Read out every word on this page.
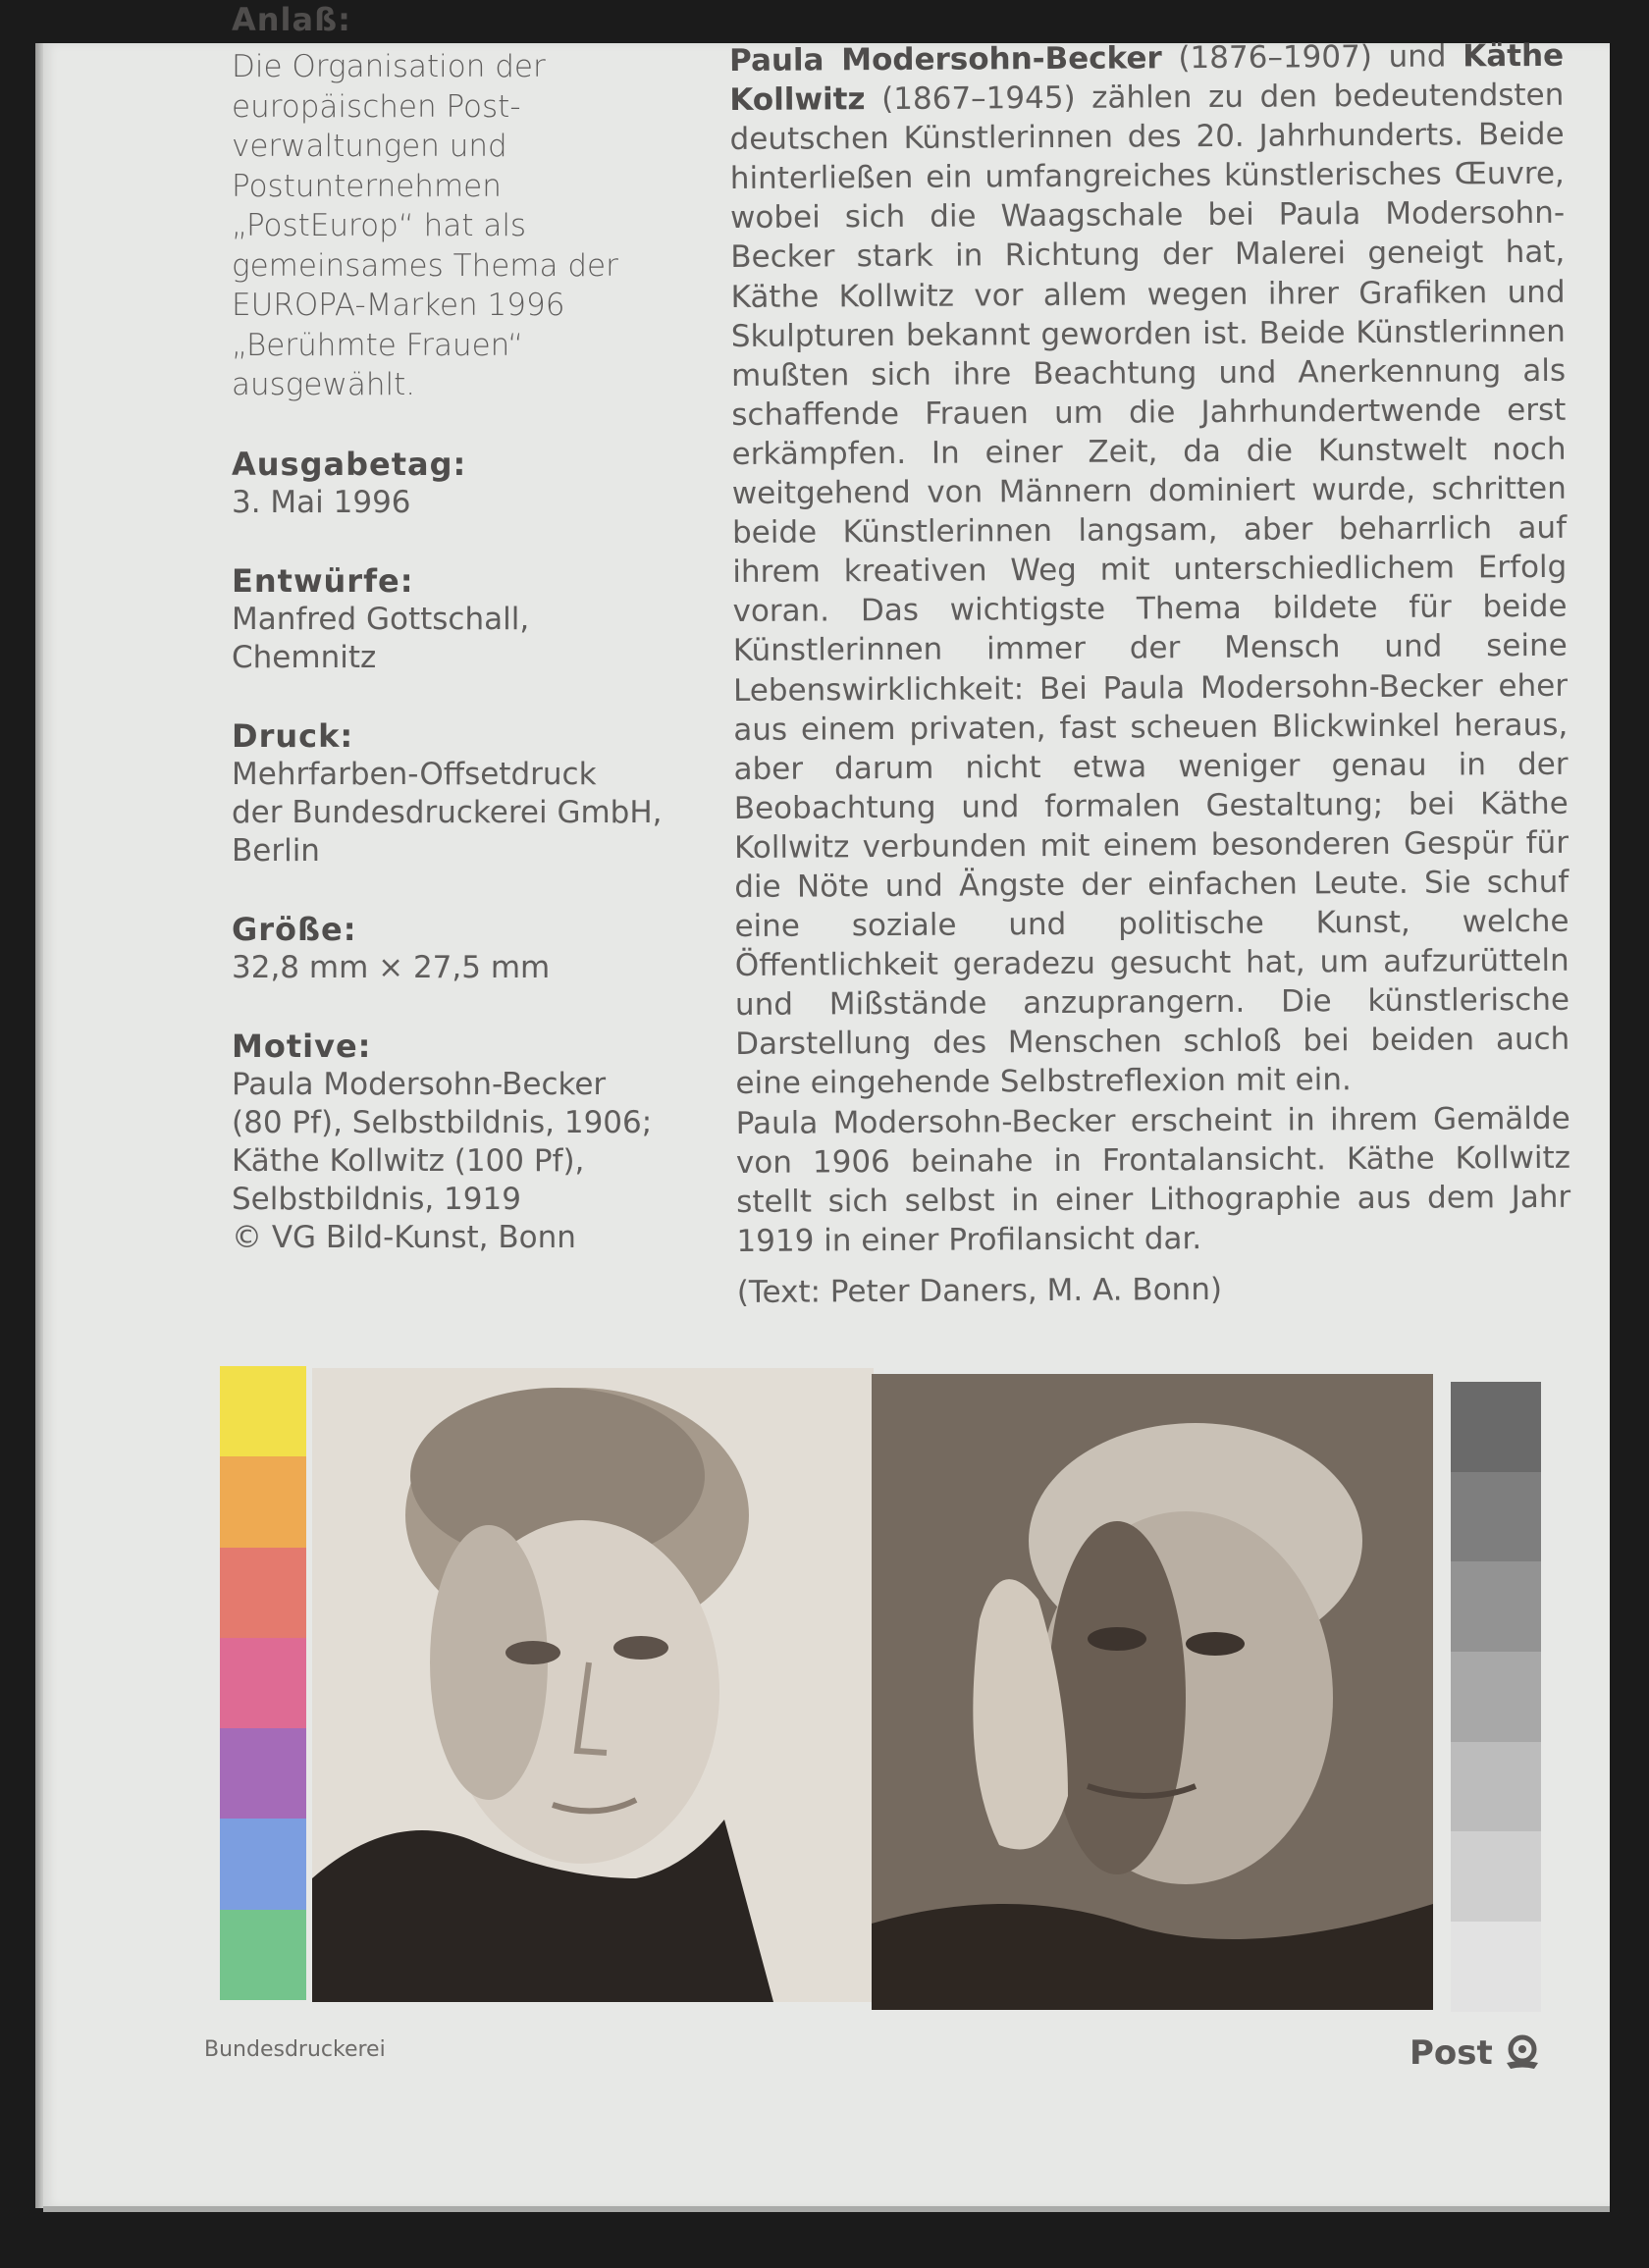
Anlaß:
Die Organisation der
europäischen Post-
verwaltungen und
Postunternehmen
„PostEurop“ hat als
gemeinsames Thema der
EUROPA-Marken 1996
„Berühmte Frauen“
ausgewählt.
Ausgabetag:
3. Mai 1996
Entwürfe:
Manfred Gottschall,
Chemnitz
Druck:
Mehrfarben-Offsetdruck
der Bundesdruckerei GmbH,
Berlin
Größe:
32,8 mm × 27,5 mm
Motive:
Paula Modersohn-Becker
(80 Pf), Selbstbildnis, 1906;
Käthe Kollwitz (100 Pf),
Selbstbildnis, 1919
© VG Bild-Kunst, Bonn

Paula Modersohn-Becker (1876–1907) und Käthe Kollwitz (1867–1945) zählen zu den bedeutendsten deutschen Künstlerinnen des 20. Jahrhunderts. Beide hinterließen ein umfangreiches künstlerisches Œuvre, wobei sich die Waagschale bei Paula Modersohn-Becker stark in Richtung der Malerei geneigt hat, Käthe Kollwitz vor allem wegen ihrer Grafiken und Skulpturen bekannt geworden ist. Beide Künstlerinnen mußten sich ihre Beachtung und Anerkennung als schaffende Frauen um die Jahrhundertwende erst erkämpfen. In einer Zeit, da die Kunstwelt noch weitgehend von Männern dominiert wurde, schritten beide Künstlerinnen langsam, aber beharrlich auf ihrem kreativen Weg mit unterschiedlichem Erfolg voran. Das wichtigste Thema bildete für beide Künstlerinnen immer der Mensch und seine Lebenswirklichkeit: Bei Paula Modersohn-Becker eher aus einem privaten, fast scheuen Blickwinkel heraus, aber darum nicht etwa weniger genau in der Beobachtung und formalen Gestaltung; bei Käthe Kollwitz verbunden mit einem besonderen Gespür für die Nöte und Ängste der einfachen Leute. Sie schuf eine soziale und politische Kunst, welche Öffentlichkeit geradezu gesucht hat, um aufzurütteln und Mißstände anzuprangern. Die künstlerische Darstellung des Menschen schloß bei beiden auch eine eingehende Selbstreflexion mit ein.

Paula Modersohn-Becker erscheint in ihrem Gemälde von 1906 beinahe in Frontalansicht. Käthe Kollwitz stellt sich selbst in einer Lithographie aus dem Jahr 1919 in einer Profilansicht dar.

(Text: Peter Daners, M. A. Bonn)

Bundesdruckerei	Post
